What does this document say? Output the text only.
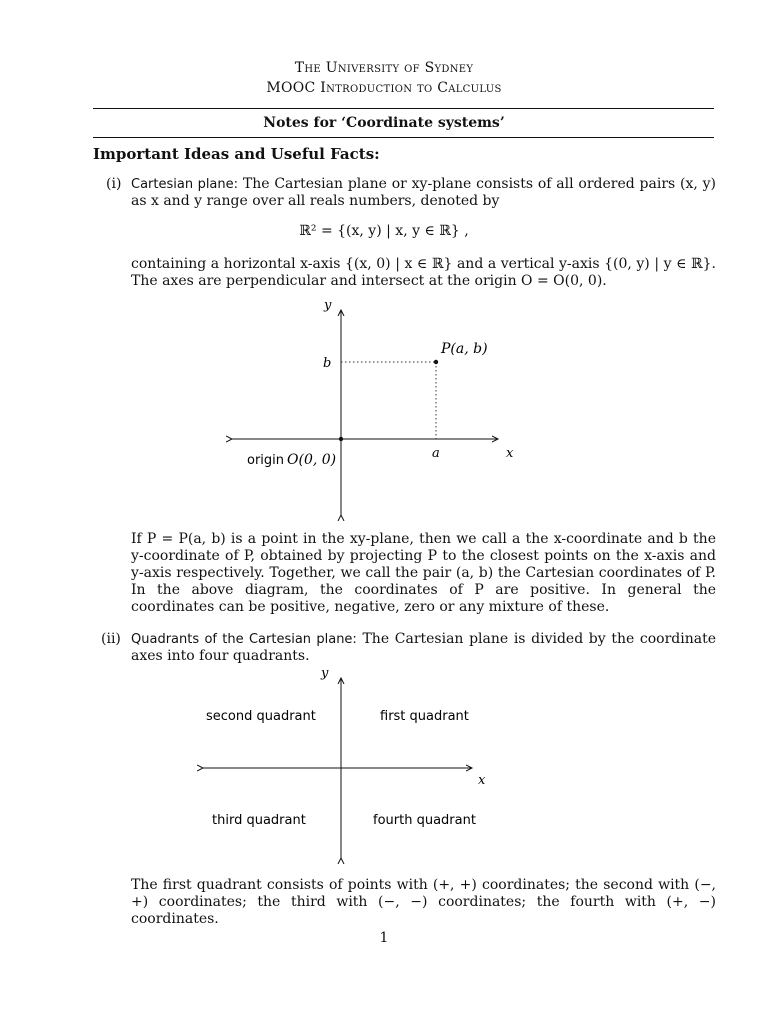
The University of Sydney
MOOC Introduction to Calculus
Notes for ‘Coordinate systems’
Important Ideas and Useful Facts:
(i) Cartesian plane: The Cartesian plane or xy-plane consists of all ordered pairs (x, y) as x and y range over all reals numbers, denoted by
ℝ² = {(x, y) | x, y ∈ ℝ} ,
containing a horizontal x-axis {(x, 0) | x ∈ ℝ} and a vertical y-axis {(0, y) | y ∈ ℝ}. The axes are perpendicular and intersect at the origin O = O(0, 0).
y
x
b
a
P(a, b)
origin O(0, 0)
If P = P(a, b) is a point in the xy-plane, then we call a the x-coordinate and b the y-coordinate of P, obtained by projecting P to the closest points on the x-axis and y-axis respectively. Together, we call the pair (a, b) the Cartesian coordinates of P. In the above diagram, the coordinates of P are positive. In general the coordinates can be positive, negative, zero or any mixture of these.
(ii) Quadrants of the Cartesian plane: The Cartesian plane is divided by the coordinate axes into four quadrants.
y
x
second quadrant	first quadrant
third quadrant	fourth quadrant
The first quadrant consists of points with (+, +) coordinates; the second with (−, +) coordinates; the third with (−, −) coordinates; the fourth with (+, −) coordinates.
1
